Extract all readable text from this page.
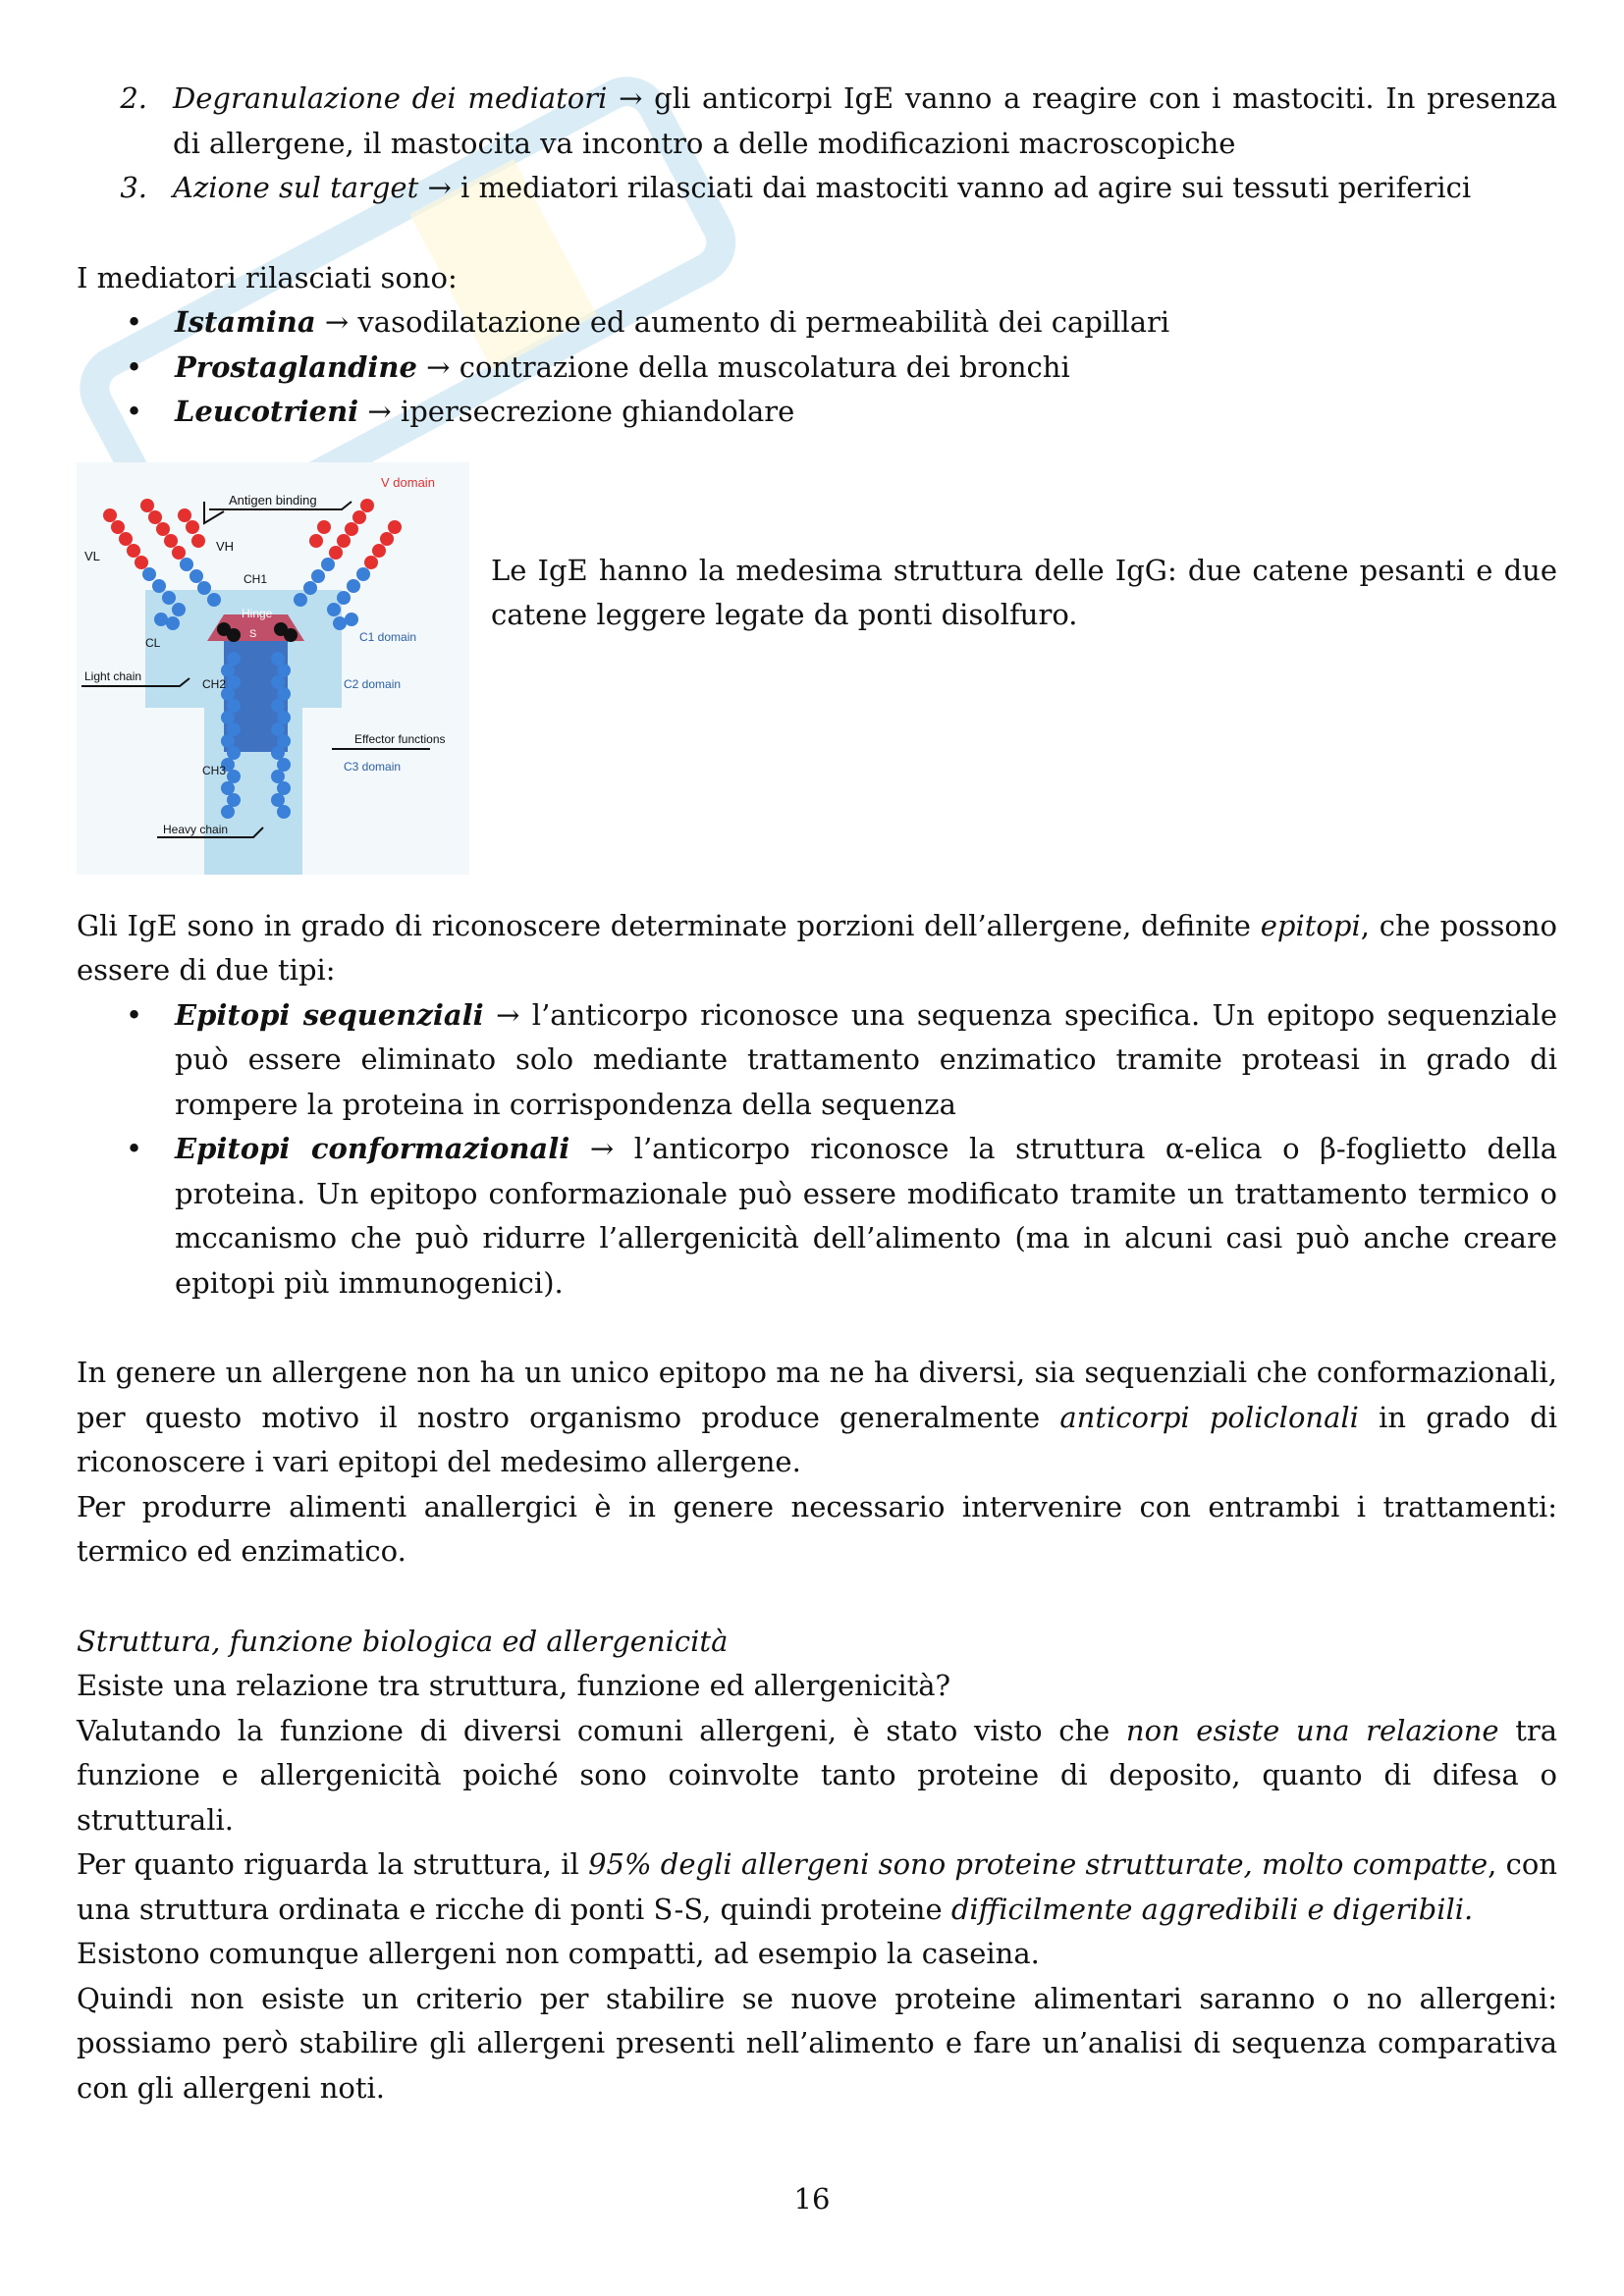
2. Degranulazione dei mediatori → gli anticorpi IgE vanno a reagire con i mastociti. In presenza di allergene, il mastocita va incontro a delle modificazioni macroscopiche
3. Azione sul target → i mediatori rilasciati dai mastociti vanno ad agire sui tessuti periferici

I mediatori rilasciati sono:

•	Istamina → vasodilatazione ed aumento di permeabilità dei capillari
•	Prostaglandine → contrazione della muscolatura dei bronchi
•	Leucotrieni → ipersecrezione ghiandolare
V domain
Antigen binding
VL
VH
CH1
Hinge
CL	C1 domain
Light chain
CH2	C2 domain
Effector functions
CH3	C3 domain
Heavy chain
S

Le IgE hanno la medesima struttura delle IgG: due catene pesanti e due catene leggere legate da ponti disolfuro.

Gli IgE sono in grado di riconoscere determinate porzioni dell’allergene, definite epitopi, che possono essere di due tipi:

•	Epitopi sequenziali → l’anticorpo riconosce una sequenza specifica. Un epitopo sequenziale può essere eliminato solo mediante trattamento enzimatico tramite proteasi in grado di rompere la proteina in corrispondenza della sequenza
•	Epitopi conformazionali → l’anticorpo riconosce la struttura α-elica o β-foglietto della proteina. Un epitopo conformazionale può essere modificato tramite un trattamento termico o mccanismo che può ridurre l’allergenicità dell’alimento (ma in alcuni casi può anche creare epitopi più immunogenici).

In genere un allergene non ha un unico epitopo ma ne ha diversi, sia sequenziali che conformazionali, per questo motivo il nostro organismo produce generalmente anticorpi policlonali in grado di riconoscere i vari epitopi del medesimo allergene.

Per produrre alimenti anallergici è in genere necessario intervenire con entrambi i trattamenti: termico ed enzimatico.

Struttura, funzione biologica ed allergenicità

Esiste una relazione tra struttura, funzione ed allergenicità?

Valutando la funzione di diversi comuni allergeni, è stato visto che non esiste una relazione tra funzione e allergenicità poiché sono coinvolte tanto proteine di deposito, quanto di difesa o strutturali.

Per quanto riguarda la struttura, il 95% degli allergeni sono proteine strutturate, molto compatte, con una struttura ordinata e ricche di ponti S-S, quindi proteine difficilmente aggredibili e digeribili.

Esistono comunque allergeni non compatti, ad esempio la caseina.

Quindi non esiste un criterio per stabilire se nuove proteine alimentari saranno o no allergeni: possiamo però stabilire gli allergeni presenti nell’alimento e fare un’analisi di sequenza comparativa con gli allergeni noti.

16
